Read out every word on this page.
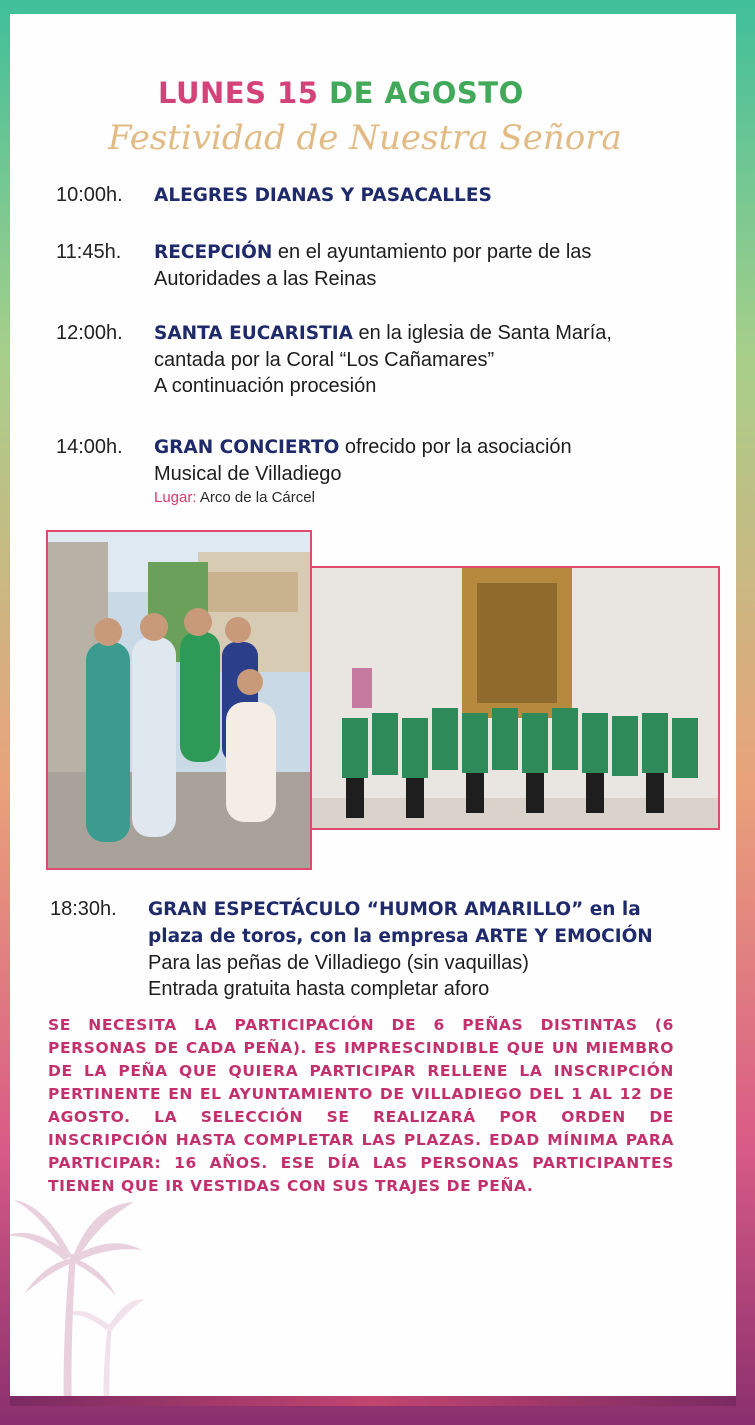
LUNES 15 DE AGOSTO
Festividad de Nuestra Señora
10:00h.	ALEGRES DIANAS Y PASACALLES
11:45h.	RECEPCIÓN en el ayuntamiento por parte de las
Autoridades a las Reinas
12:00h.	SANTA EUCARISTIA en la iglesia de Santa María,
cantada por la Coral “Los Cañamares”
A continuación procesión
14:00h.	GRAN CONCIERTO ofrecido por la asociación
Musical de Villadiego
Lugar: Arco de la Cárcel
18:30h.	GRAN ESPECTÁCULO “HUMOR AMARILLO” en la
plaza de toros, con la empresa ARTE Y EMOCIÓN
Para las peñas de Villadiego (sin vaquillas)
Entrada gratuita hasta completar aforo
SE NECESITA LA PARTICIPACIÓN DE 6 PEÑAS DISTINTAS (6 PERSONAS DE CADA PEÑA). ES IMPRESCINDIBLE QUE UN MIEMBRO DE LA PEÑA QUE QUIERA PARTICIPAR RELLENE LA INSCRIPCIÓN PERTINENTE EN EL AYUNTAMIENTO DE VILLADIEGO DEL 1 AL 12 DE AGOSTO. LA SELECCIÓN SE REALIZARÁ POR ORDEN DE INSCRIPCIÓN HASTA COMPLETAR LAS PLAZAS. EDAD MÍNIMA PARA PARTICIPAR: 16 AÑOS. ESE DÍA LAS PERSONAS PARTICIPANTES TIENEN QUE IR VESTIDAS CON SUS TRAJES DE PEÑA.
